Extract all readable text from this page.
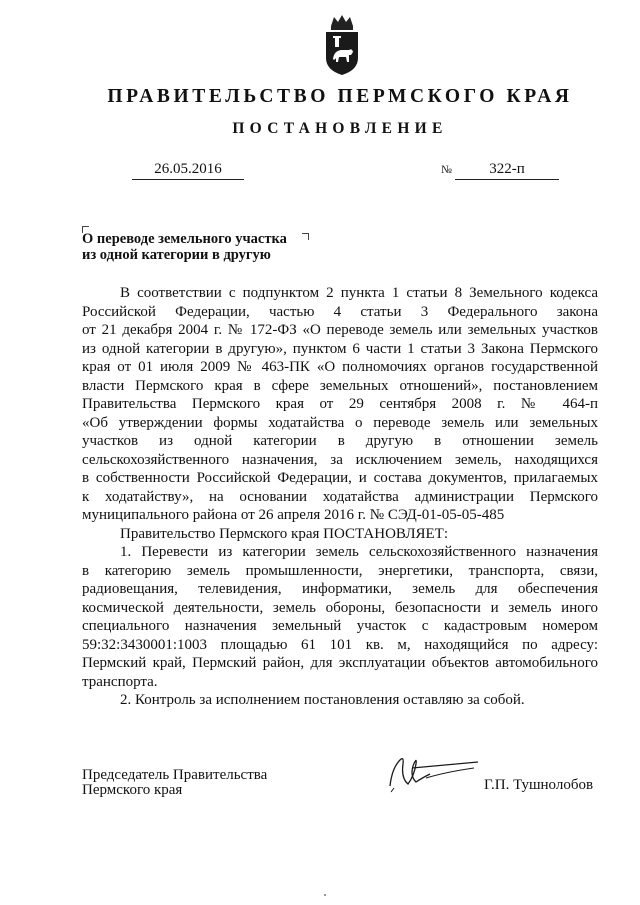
ПРАВИТЕЛЬСТВО ПЕРМСКОГО КРАЯ
ПОСТАНОВЛЕНИЕ
26.05.2016	№	322-п
О переводе земельного участка
из одной категории в другую

В соответствии с подпунктом 2 пункта 1 статьи 8 Земельного кодекса

Российской Федерации, частью 4 статьи 3 Федерального закона

от 21 декабря 2004 г. № 172-ФЗ «О переводе земель или земельных участков

из одной категории в другую», пунктом 6 части 1 статьи 3 Закона Пермского

края от 01 июля 2009 № 463-ПК «О полномочиях органов государственной

власти Пермского края в сфере земельных отношений», постановлением

Правительства Пермского края от 29 сентября 2008 г. № 464-п

«Об утверждении формы ходатайства о переводе земель или земельных

участков из одной категории в другую в отношении земель

сельскохозяйственного назначения, за исключением земель, находящихся

в собственности Российской Федерации, и состава документов, прилагаемых

к ходатайству», на основании ходатайства администрации Пермского

муниципального района от 26 апреля 2016 г. № СЭД-01-05-05-485

Правительство Пермского края ПОСТАНОВЛЯЕТ:

1. Перевести из категории земель сельскохозяйственного назначения

в категорию земель промышленности, энергетики, транспорта, связи,

радиовещания, телевидения, информатики, земель для обеспечения

космической деятельности, земель обороны, безопасности и земель иного

специального назначения земельный участок с кадастровым номером

59:32:3430001:1003 площадью 61 101 кв. м, находящийся по адресу:

Пермский край, Пермский район, для эксплуатации объектов автомобильного

транспорта.

2. Контроль за исполнением постановления оставляю за собой.

Председатель Правительства
Пермского края	Г.П. Тушнолобов
